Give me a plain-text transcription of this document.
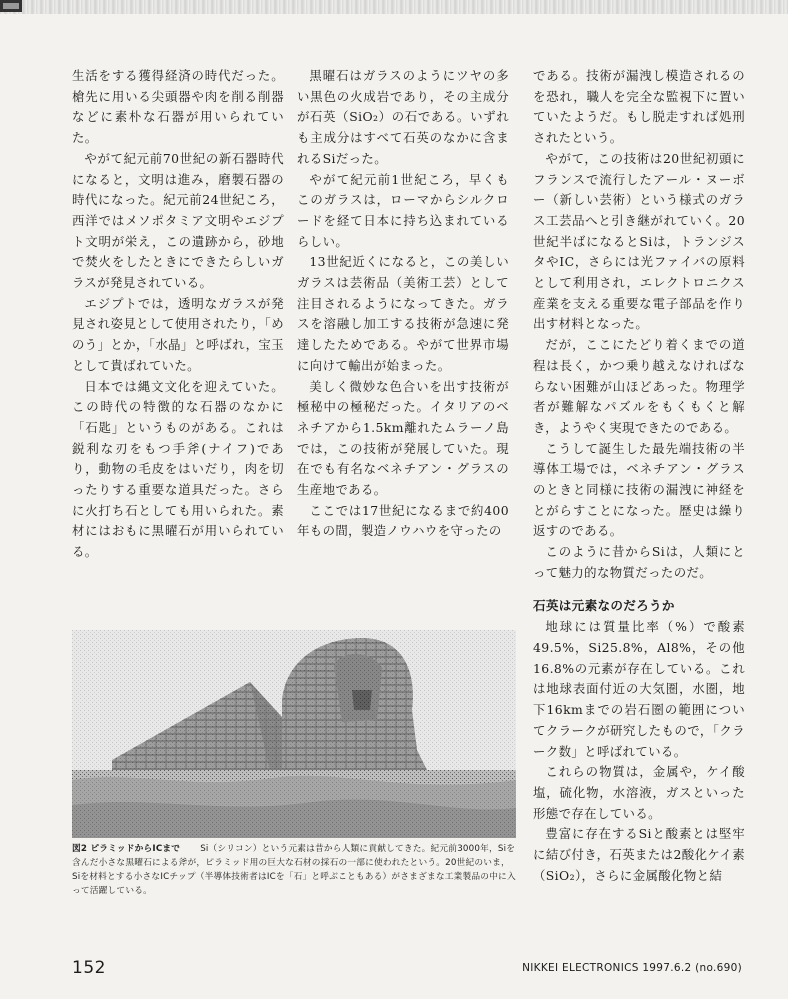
生活をする獲得経済の時代だった。槍先に用いる尖頭器や肉を削る削器などに素朴な石器が用いられていた。

やがて紀元前70世紀の新石器時代になると，文明は進み，磨製石器の時代になった。紀元前24世紀ころ，西洋ではメソポタミア文明やエジプト文明が栄え，この遺跡から，砂地で焚火をしたときにできたらしいガラスが発見されている。

エジプトでは，透明なガラスが発見され姿見として使用されたり，「めのう」とか，「水晶」と呼ばれ，宝玉として貴ばれていた。

日本では縄文文化を迎えていた。この時代の特徴的な石器のなかに「石匙」というものがある。これは鋭利な刃をもつ手斧(ナイフ)であり，動物の毛皮をはいだり，肉を切ったりする重要な道具だった。さらに火打ち石としても用いられた。素材にはおもに黒曜石が用いられている。

黒曜石はガラスのようにツヤの多い黒色の火成岩であり，その主成分が石英（SiO₂）の石である。いずれも主成分はすべて石英のなかに含まれるSiだった。

やがて紀元前1世紀ころ，早くもこのガラスは，ローマからシルクロードを経て日本に持ち込まれているらしい。

13世紀近くになると，この美しいガラスは芸術品（美術工芸）として注目されるようになってきた。ガラスを溶融し加工する技術が急速に発達したためである。やがて世界市場に向けて輸出が始まった。

美しく微妙な色合いを出す技術が極秘中の極秘だった。イタリアのベネチアから1.5km離れたムラーノ島では，この技術が発展していた。現在でも有名なベネチアン・グラスの生産地である。

ここでは17世紀になるまで約400年もの間，製造ノウハウを守ったの

である。技術が漏洩し模造されるのを恐れ，職人を完全な監視下に置いていたようだ。もし脱走すれば処刑されたという。

やがて，この技術は20世紀初頭にフランスで流行したアール・ヌーボー（新しい芸術）という様式のガラス工芸品へと引き継がれていく。20世紀半ばになるとSiは，トランジスタやIC，さらには光ファイバの原料として利用され，エレクトロニクス産業を支える重要な電子部品を作り出す材料となった。

だが，ここにたどり着くまでの道程は長く，かつ乗り越えなければならない困難が山ほどあった。物理学者が難解なパズルをもくもくと解き，ようやく実現できたのである。

こうして誕生した最先端技術の半導体工場では，ベネチアン・グラスのときと同様に技術の漏洩に神経をとがらすことになった。歴史は繰り返すのである。

このように昔からSiは，人類にとって魅力的な物質だったのだ。

石英は元素なのだろうか

地球には質量比率（%）で酸素49.5%，Si25.8%，Al8%，その他16.8%の元素が存在している。これは地球表面付近の大気圏，水圏，地下16kmまでの岩石圏の範囲についてクラークが研究したもので，「クラーク数」と呼ばれている。

これらの物質は，金属や，ケイ酸塩，硫化物，水溶液，ガスといった形態で存在している。

豊富に存在するSiと酸素とは堅牢に結び付き，石英または2酸化ケイ素（SiO₂），さらに金属酸化物と結

図2 ピラミッドからICまで Si（シリコン）という元素は昔から人類に貢献してきた。紀元前3000年，Siを含んだ小さな黒曜石による斧が，ピラミッド用の巨大な石材の採石の一部に使われたという。20世紀のいま，Siを材料とする小さなICチップ（半導体技術者はICを「石」と呼ぶこともある）がさまざまな工業製品の中に入って活躍している。
152	NIKKEI ELECTRONICS 1997.6.2 (no.690)
